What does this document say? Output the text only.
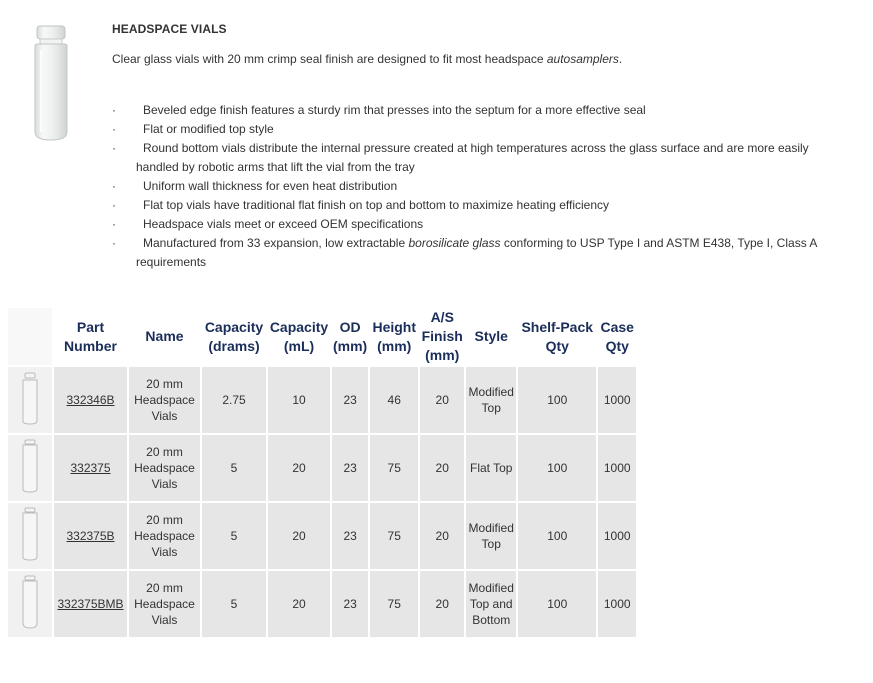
HEADSPACE VIALS
Clear glass vials with 20 mm crimp seal finish are designed to fit most headspace autosamplers.
· Beveled edge finish features a sturdy rim that presses into the septum for a more effective seal
· Flat or modified top style
· Round bottom vials distribute the internal pressure created at high temperatures across the glass surface and are more easily handled by robotic arms that lift the vial from the tray
· Uniform wall thickness for even heat distribution
· Flat top vials have traditional flat finish on top and bottom to maximize heating efficiency
· Headspace vials meet or exceed OEM specifications
· Manufactured from 33 expansion, low extractable borosilicate glass conforming to USP Type I and ASTM E438, Type I, Class A requirements
	Part Number	Name	Capacity (drams)	Capacity (mL)	OD (mm)	Height (mm)	A/S Finish (mm)	Style	Shelf-Pack Qty	Case Qty
	332346B	20 mm Headspace Vials	2.75	10	23	46	20	Modified Top	100	1000
	332375	20 mm Headspace Vials	5	20	23	75	20	Flat Top	100	1000
	332375B	20 mm Headspace Vials	5	20	23	75	20	Modified Top	100	1000
	332375BMB	20 mm Headspace Vials	5	20	23	75	20	Modified Top and Bottom	100	1000
